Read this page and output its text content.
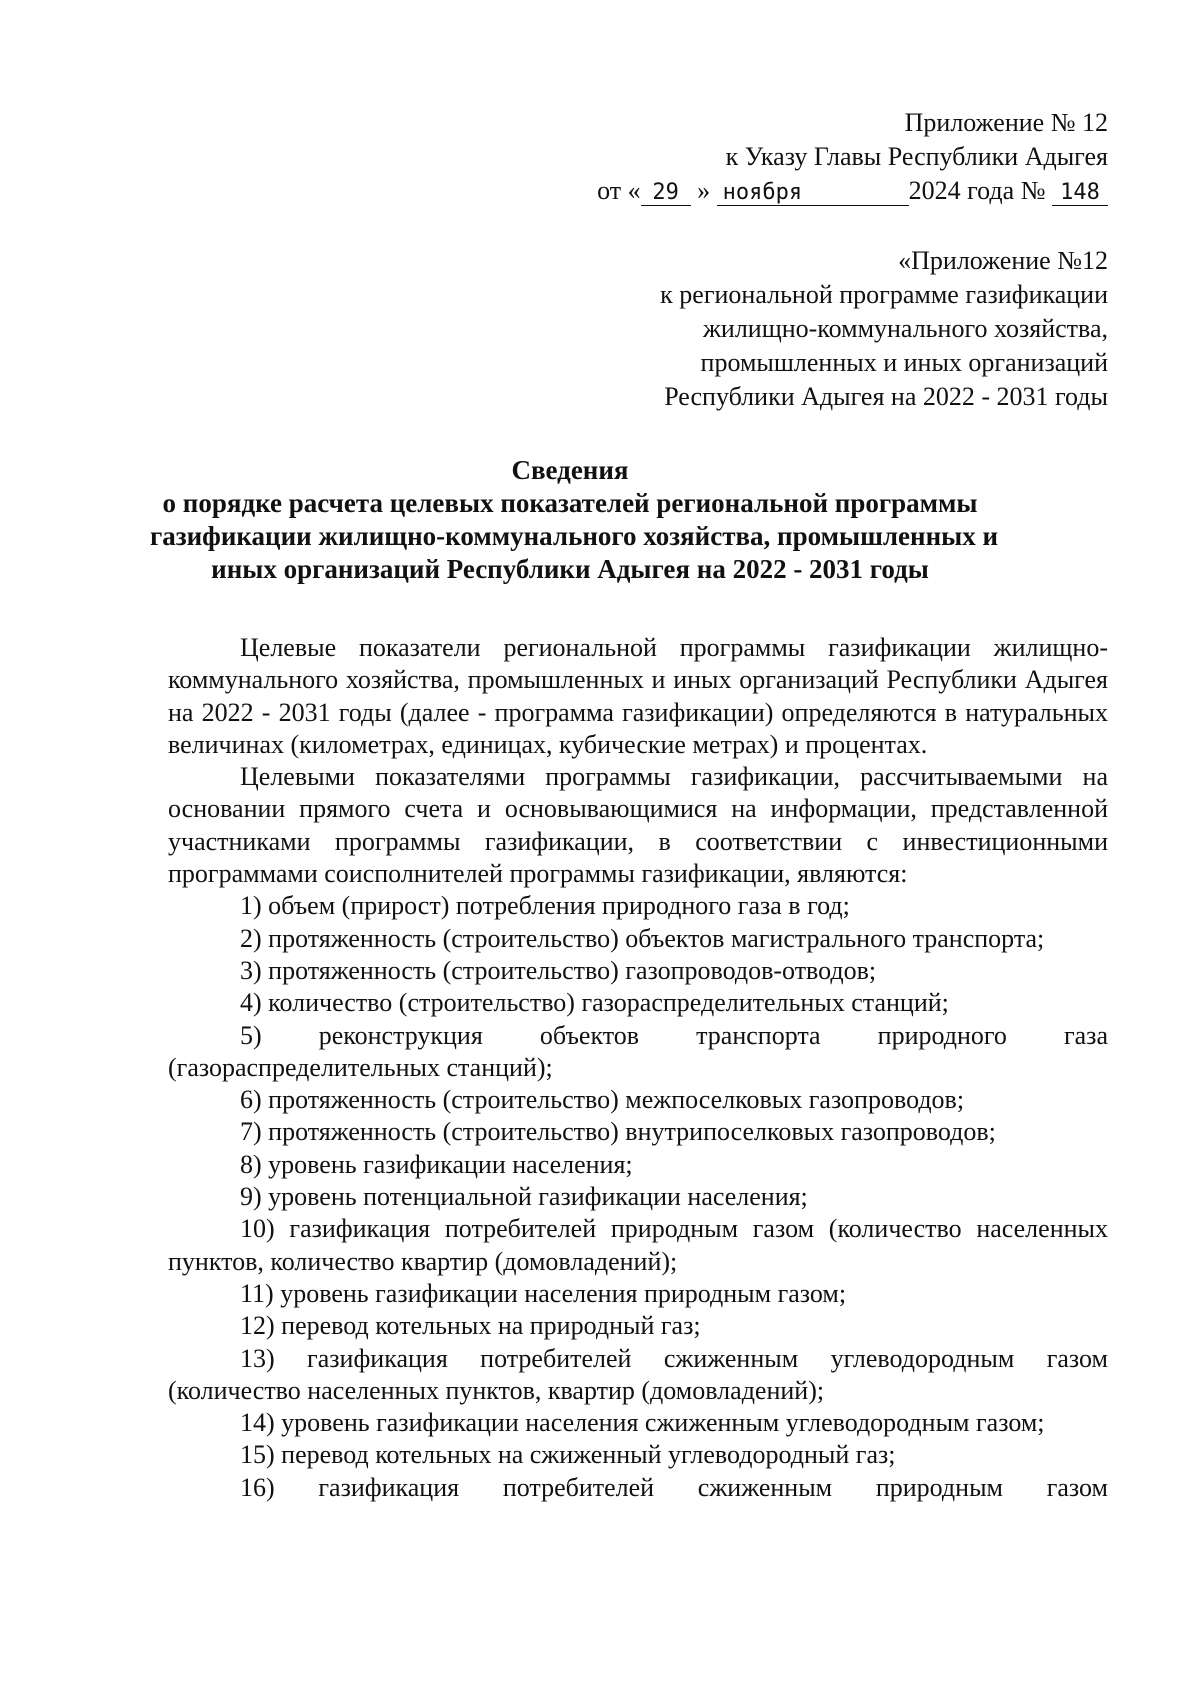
Приложение № 12
к Указу Главы Республики Адыгея
от « 29 » ноября	2024 года № 148
«Приложение №12
к региональной программе газификации
жилищно-коммунального хозяйства,
промышленных и иных организаций
Республики Адыгея на 2022 - 2031 годы
Сведения
о порядке расчета целевых показателей региональной программы
газификации жилищно-коммунального хозяйства, промышленных и
иных организаций Республики Адыгея на 2022 - 2031 годы

Целевые показатели региональной программы газификации жилищно-коммунального хозяйства, промышленных и иных организаций Республики Адыгея на 2022 - 2031 годы (далее - программа газификации) определяются в натуральных величинах (километрах, единицах, кубические метрах) и процентах.

Целевыми показателями программы газификации, рассчитываемыми на основании прямого счета и основывающимися на информации, представленной участниками программы газификации, в соответствии с инвестиционными программами соисполнителей программы газификации, являются:

1) объем (прирост) потребления природного газа в год;

2) протяженность (строительство) объектов магистрального транспорта;

3) протяженность (строительство) газопроводов-отводов;

4) количество (строительство) газораспределительных станций;

5) реконструкция объектов транспорта природного газа (газораспределительных станций);

6) протяженность (строительство) межпоселковых газопроводов;

7) протяженность (строительство) внутрипоселковых газопроводов;

8) уровень газификации населения;

9) уровень потенциальной газификации населения;

10) газификация потребителей природным газом (количество населенных пунктов, количество квартир (домовладений);

11) уровень газификации населения природным газом;

12) перевод котельных на природный газ;

13) газификация потребителей сжиженным углеводородным газом (количество населенных пунктов, квартир (домовладений);

14) уровень газификации населения сжиженным углеводородным газом;

15) перевод котельных на сжиженный углеводородный газ;

16) газификация потребителей сжиженным природным газом
